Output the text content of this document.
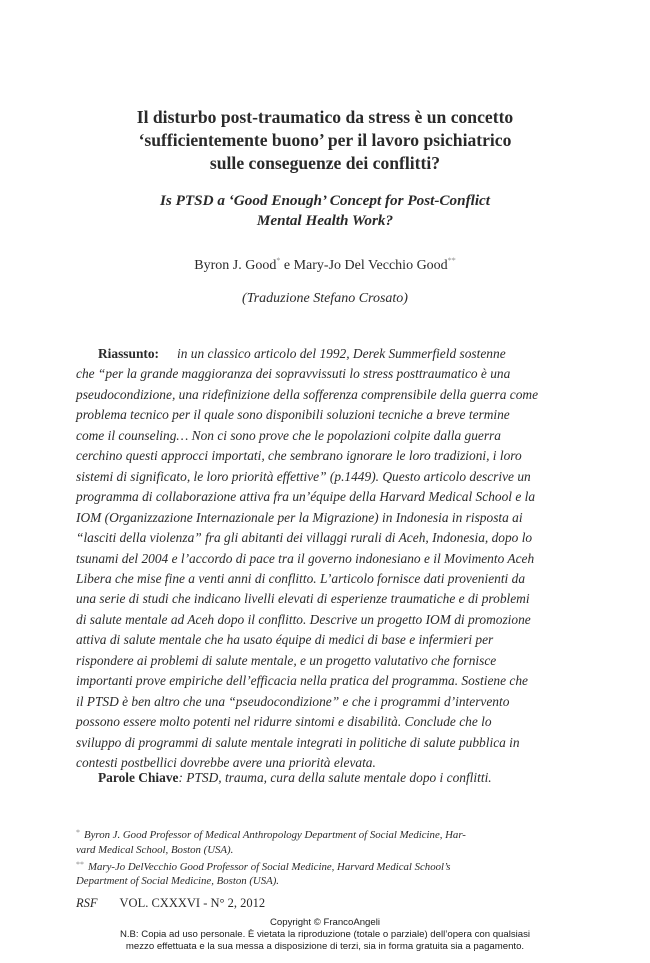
Il disturbo post-traumatico da stress è un concetto
‘sufficientemente buono’ per il lavoro psichiatrico
sulle conseguenze dei conflitti?
Is PTSD a ‘Good Enough’ Concept for Post-Conflict
Mental Health Work?
Byron J. Good* e Mary-Jo Del Vecchio Good**
(Traduzione Stefano Crosato)
Riassunto:	in un classico articolo del 1992, Derek Summerfield sostenne
che “per la grande maggioranza dei sopravvissuti lo stress posttraumatico è una
pseudocondizione, una ridefinizione della sofferenza comprensibile della guerra come
problema tecnico per il quale sono disponibili soluzioni tecniche a breve termine
come il counseling… Non ci sono prove che le popolazioni colpite dalla guerra
cerchino questi approcci importati, che sembrano ignorare le loro tradizioni, i loro
sistemi di significato, le loro priorità effettive” (p.1449). Questo articolo descrive un
programma di collaborazione attiva fra un’équipe della Harvard Medical School e la
IOM (Organizzazione Internazionale per la Migrazione) in Indonesia in risposta ai
“lasciti della violenza” fra gli abitanti dei villaggi rurali di Aceh, Indonesia, dopo lo
tsunami del 2004 e l’accordo di pace tra il governo indonesiano e il Movimento Aceh
Libera che mise fine a venti anni di conflitto. L’articolo fornisce dati provenienti da
una serie di studi che indicano livelli elevati di esperienze traumatiche e di problemi
di salute mentale ad Aceh dopo il conflitto. Descrive un progetto IOM di promozione
attiva di salute mentale che ha usato équipe di medici di base e infermieri per
rispondere ai problemi di salute mentale, e un progetto valutativo che fornisce
importanti prove empiriche dell’efficacia nella pratica del programma. Sostiene che
il PTSD è ben altro che una “pseudocondizione” e che i programmi d’intervento
possono essere molto potenti nel ridurre sintomi e disabilità. Conclude che lo
sviluppo di programmi di salute mentale integrati in politiche di salute pubblica in
contesti postbellici dovrebbe avere una priorità elevata.
Parole Chiave: PTSD, trauma, cura della salute mentale dopo i conflitti.
* Byron J. Good Professor of Medical Anthropology Department of Social Medicine, Har-
vard Medical School, Boston (USA).
** Mary-Jo DelVecchio Good Professor of Social Medicine, Harvard Medical School’s
Department of Social Medicine, Boston (USA).
RSF VOL. CXXXVI - N° 2, 2012
Copyright © FrancoAngeli
N.B: Copia ad uso personale. È vietata la riproduzione (totale o parziale) dell’opera con qualsiasi
mezzo effettuata e la sua messa a disposizione di terzi, sia in forma gratuita sia a pagamento.
